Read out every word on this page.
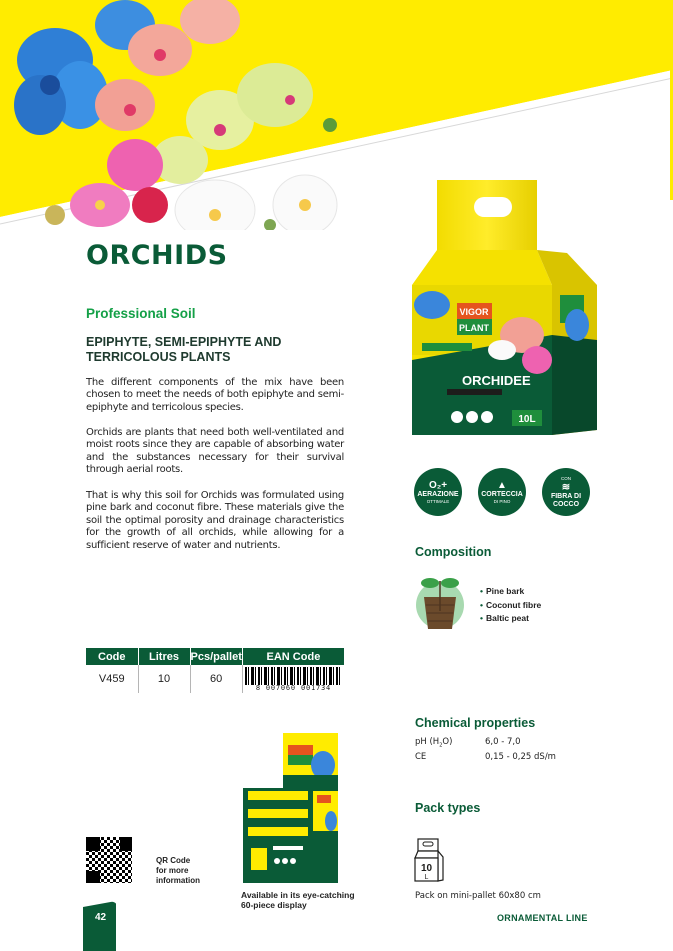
ORCHIDS
Professional Soil
EPIPHYTE, SEMI-EPIPHYTE AND
TERRICOLOUS PLANTS

The different components of the mix have been chosen to meet the needs of both epiphyte and semi-epiphyte and terricolous species.

Orchids are plants that need both well-ventilated and moist roots since they are capable of absorbing water and the substances necessary for their survival through aerial roots.

That is why this soil for Orchids was formulated using pine bark and coconut fibre. These materials give the soil the optimal porosity and drainage characteristics for the growth of all orchids, while allowing for a sufficient reserve of water and nutrients.

Code	Litres	Pcs/pallet	EAN Code
V459	10	60	8 007060 001734
QR Code
for more
information
Available in its eye-catching
60-piece display
42
VIGOR
PLANT
ORCHIDEE
10L
O₂+
AERAZIONE
OTTIMALE
▲
CORTECCIA
DI PINO
CON
≋
FIBRA DI COCCO
Composition
• Pine bark
• Coconut fibre
• Baltic peat
Chemical properties
pH $(H_2O)$	6,0 - 7,0
CE	0,15 - 0,25 dS/m
Pack types
10
L
Pack on mini-pallet 60x80 cm
ORNAMENTAL LINE
